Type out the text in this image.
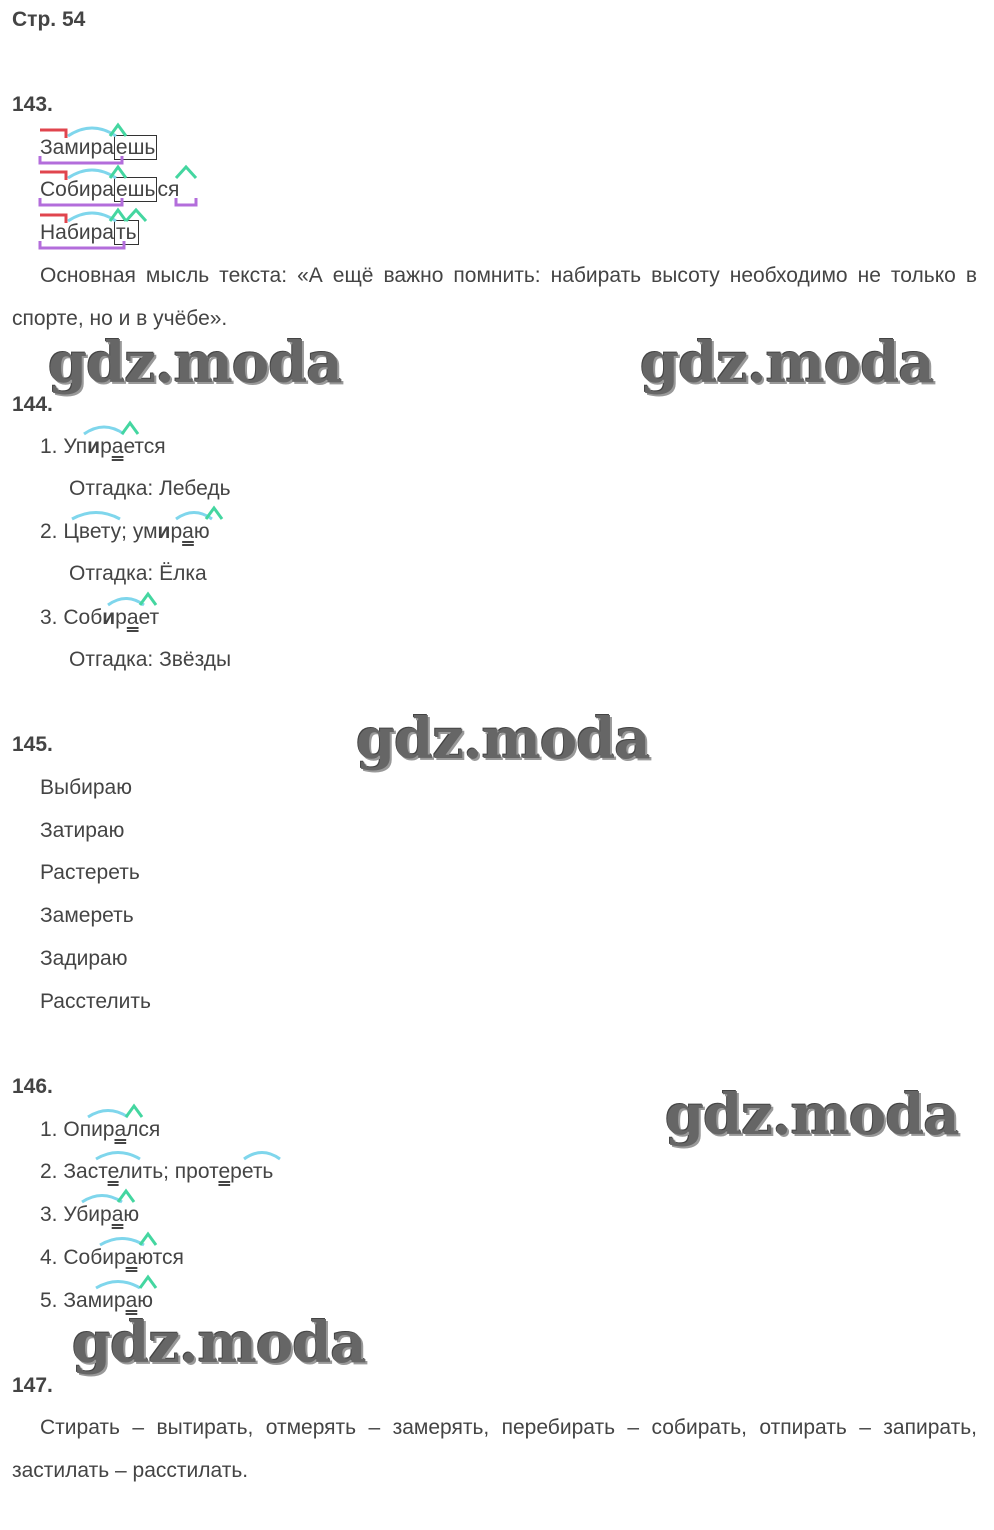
Стр. 54
143.
Замираешь
Собираешься
Набирать
Основная мысль текста: «А ещё важно помнить: набирать высоту необходимо не только в спорте, но и в учёбе».
144.
1. Упирается
Отгадка: Лебедь
2. Цвету; умираю
Отгадка: Ёлка
3. Собирает
Отгадка: Звёзды
145.
Выбираю
Затираю
Растереть
Замереть
Задираю
Расстелить
146.
1. Опирался
2. Застелить; протереть
3. Убираю
4. Собираются
5. Замираю
147.
Стирать – вытирать, отмерять – замерять, перебирать – собирать, отпирать – запирать, застилать – расстилать.
gdz.moda	gdz.moda
gdz.moda
gdz.moda
gdz.moda
